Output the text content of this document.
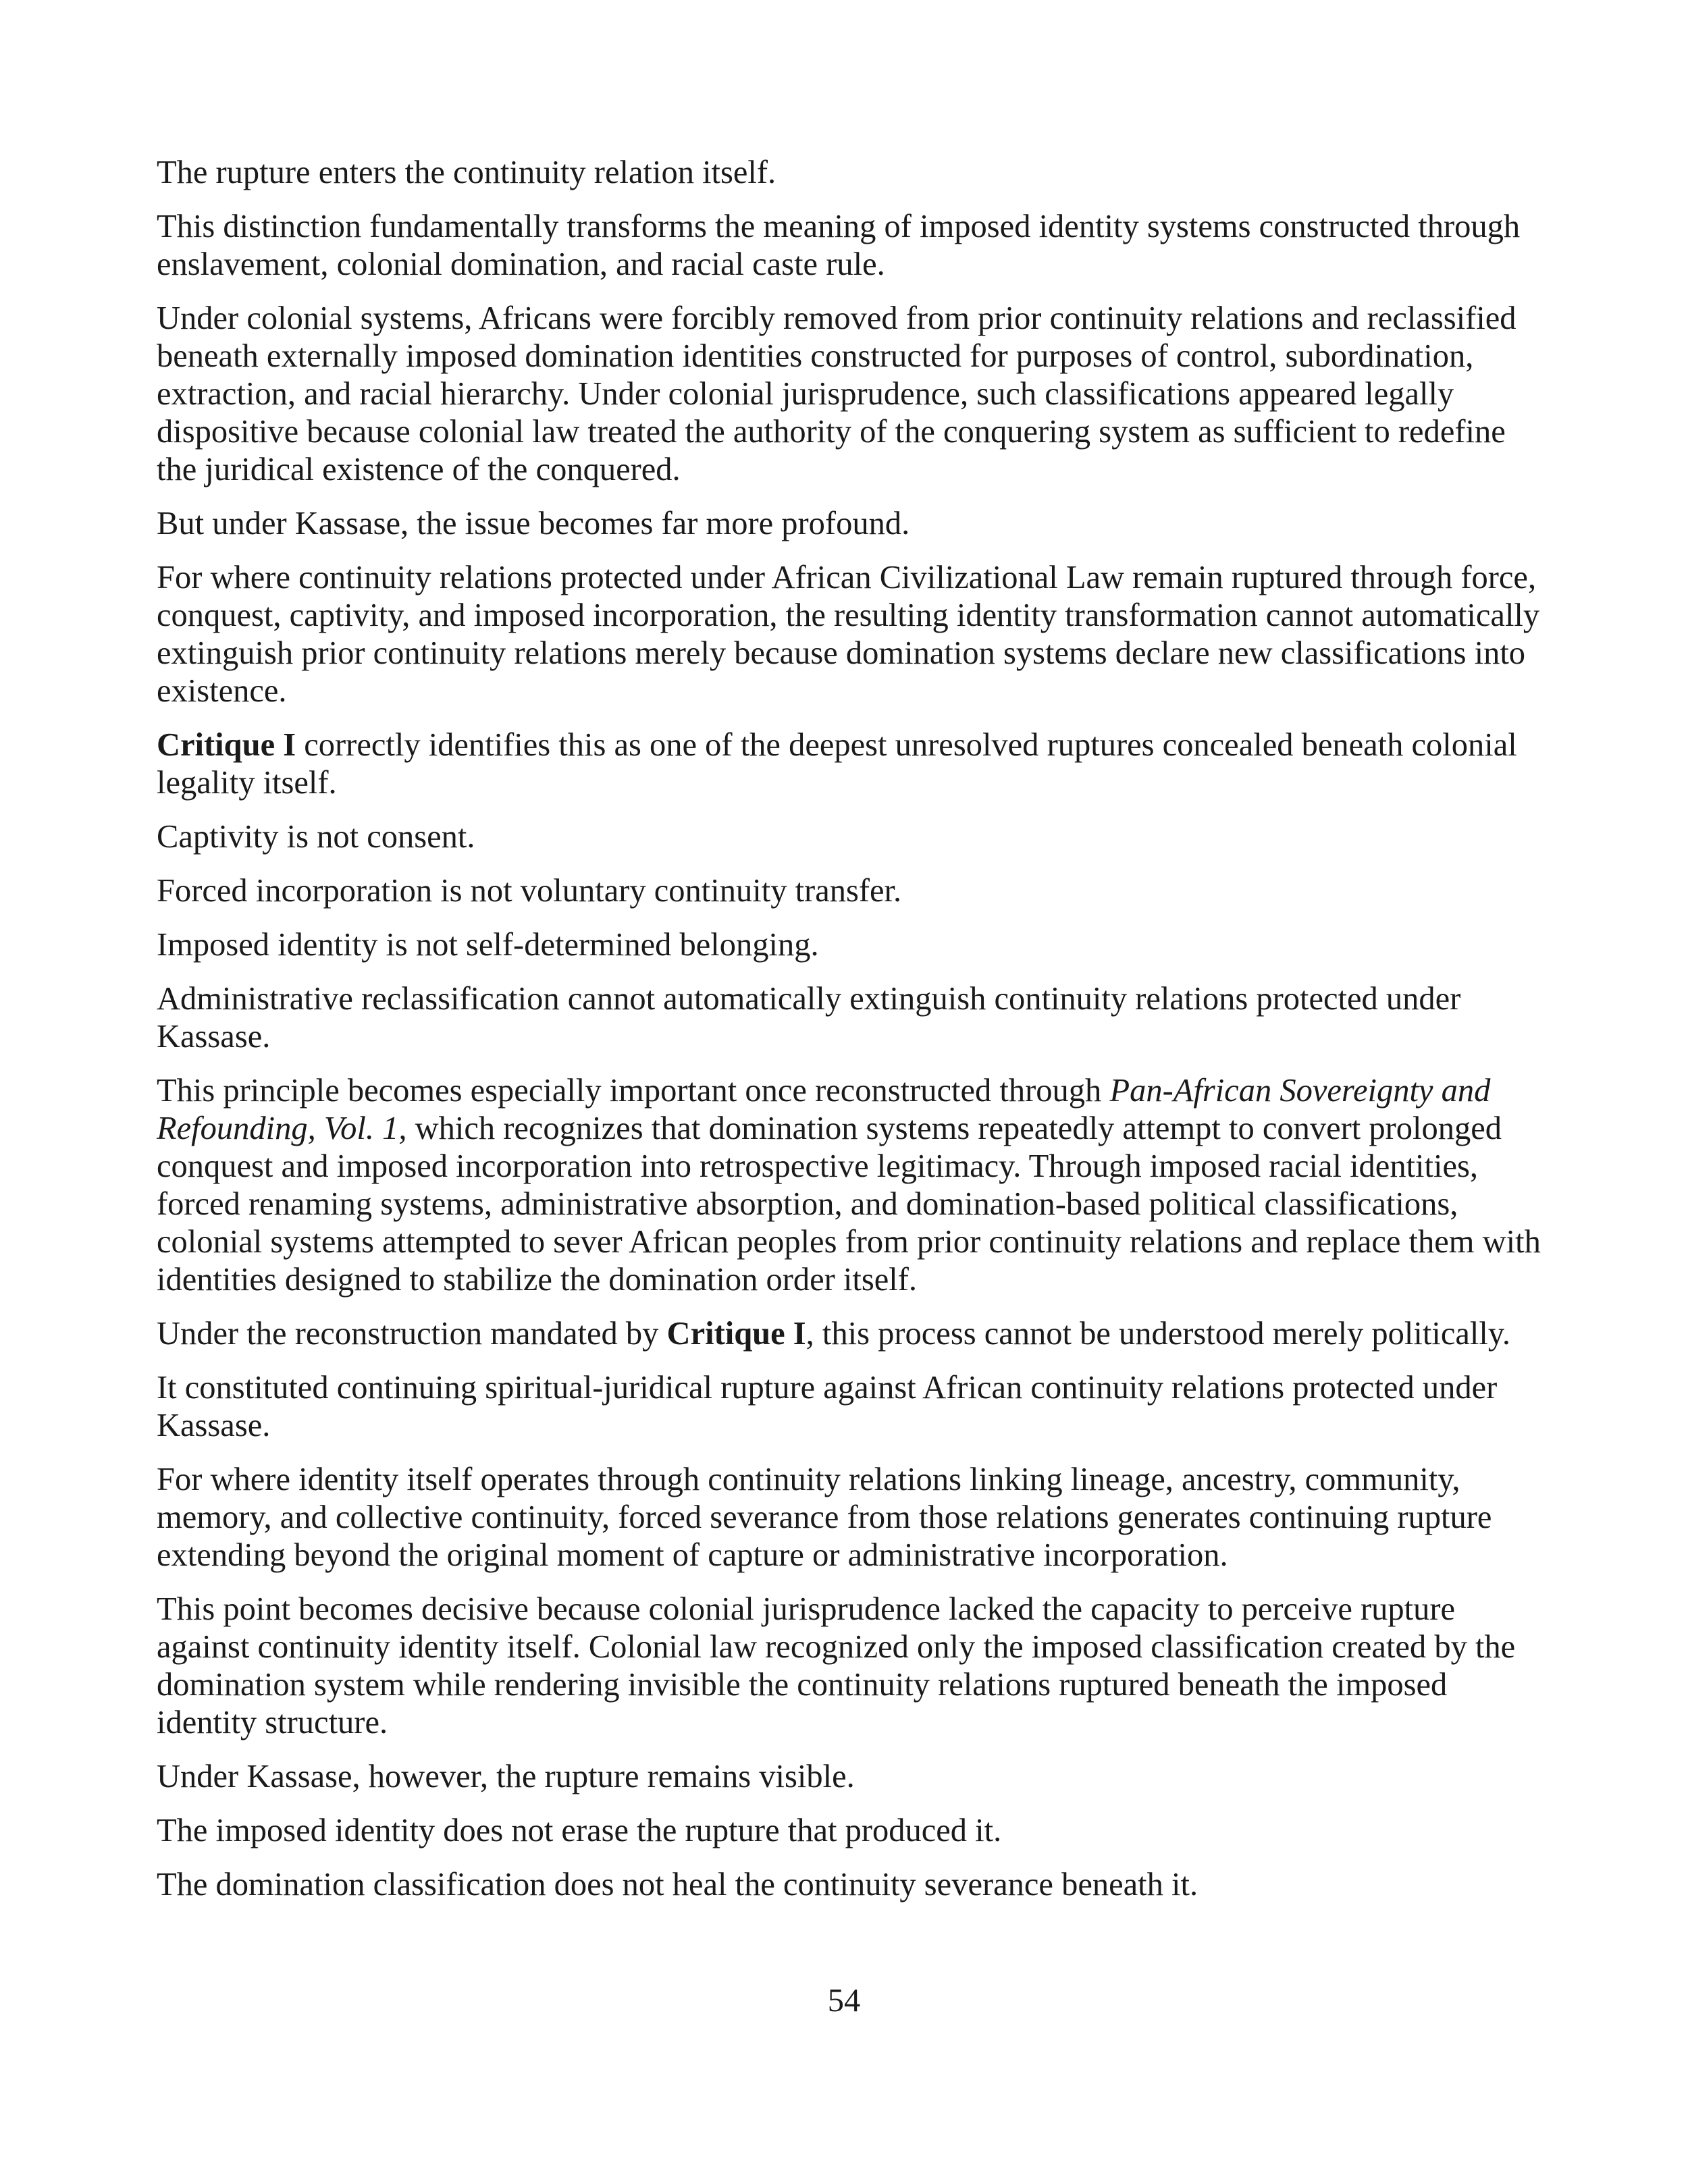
The rupture enters the continuity relation itself.

This distinction fundamentally transforms the meaning of imposed identity systems constructed through enslavement, colonial domination, and racial caste rule.

Under colonial systems, Africans were forcibly removed from prior continuity relations and reclassified beneath externally imposed domination identities constructed for purposes of control, subordination, extraction, and racial hierarchy. Under colonial jurisprudence, such classifications appeared legally dispositive because colonial law treated the authority of the conquering system as sufficient to redefine the juridical existence of the conquered.

But under Kassase, the issue becomes far more profound.

For where continuity relations protected under African Civilizational Law remain ruptured through force, conquest, captivity, and imposed incorporation, the resulting identity transformation cannot automatically extinguish prior continuity relations merely because domination systems declare new classifications into existence.

Critique I correctly identifies this as one of the deepest unresolved ruptures concealed beneath colonial legality itself.

Captivity is not consent.

Forced incorporation is not voluntary continuity transfer.

Imposed identity is not self-determined belonging.

Administrative reclassification cannot automatically extinguish continuity relations protected under Kassase.

This principle becomes especially important once reconstructed through Pan-African Sovereignty and Refounding, Vol. 1, which recognizes that domination systems repeatedly attempt to convert prolonged conquest and imposed incorporation into retrospective legitimacy. Through imposed racial identities, forced renaming systems, administrative absorption, and domination-based political classifications, colonial systems attempted to sever African peoples from prior continuity relations and replace them with identities designed to stabilize the domination order itself.

Under the reconstruction mandated by Critique I, this process cannot be understood merely politically.

It constituted continuing spiritual-juridical rupture against African continuity relations protected under Kassase.

For where identity itself operates through continuity relations linking lineage, ancestry, community, memory, and collective continuity, forced severance from those relations generates continuing rupture extending beyond the original moment of capture or administrative incorporation.

This point becomes decisive because colonial jurisprudence lacked the capacity to perceive rupture against continuity identity itself. Colonial law recognized only the imposed classification created by the domination system while rendering invisible the continuity relations ruptured beneath the imposed identity structure.

Under Kassase, however, the rupture remains visible.

The imposed identity does not erase the rupture that produced it.

The domination classification does not heal the continuity severance beneath it.

54
